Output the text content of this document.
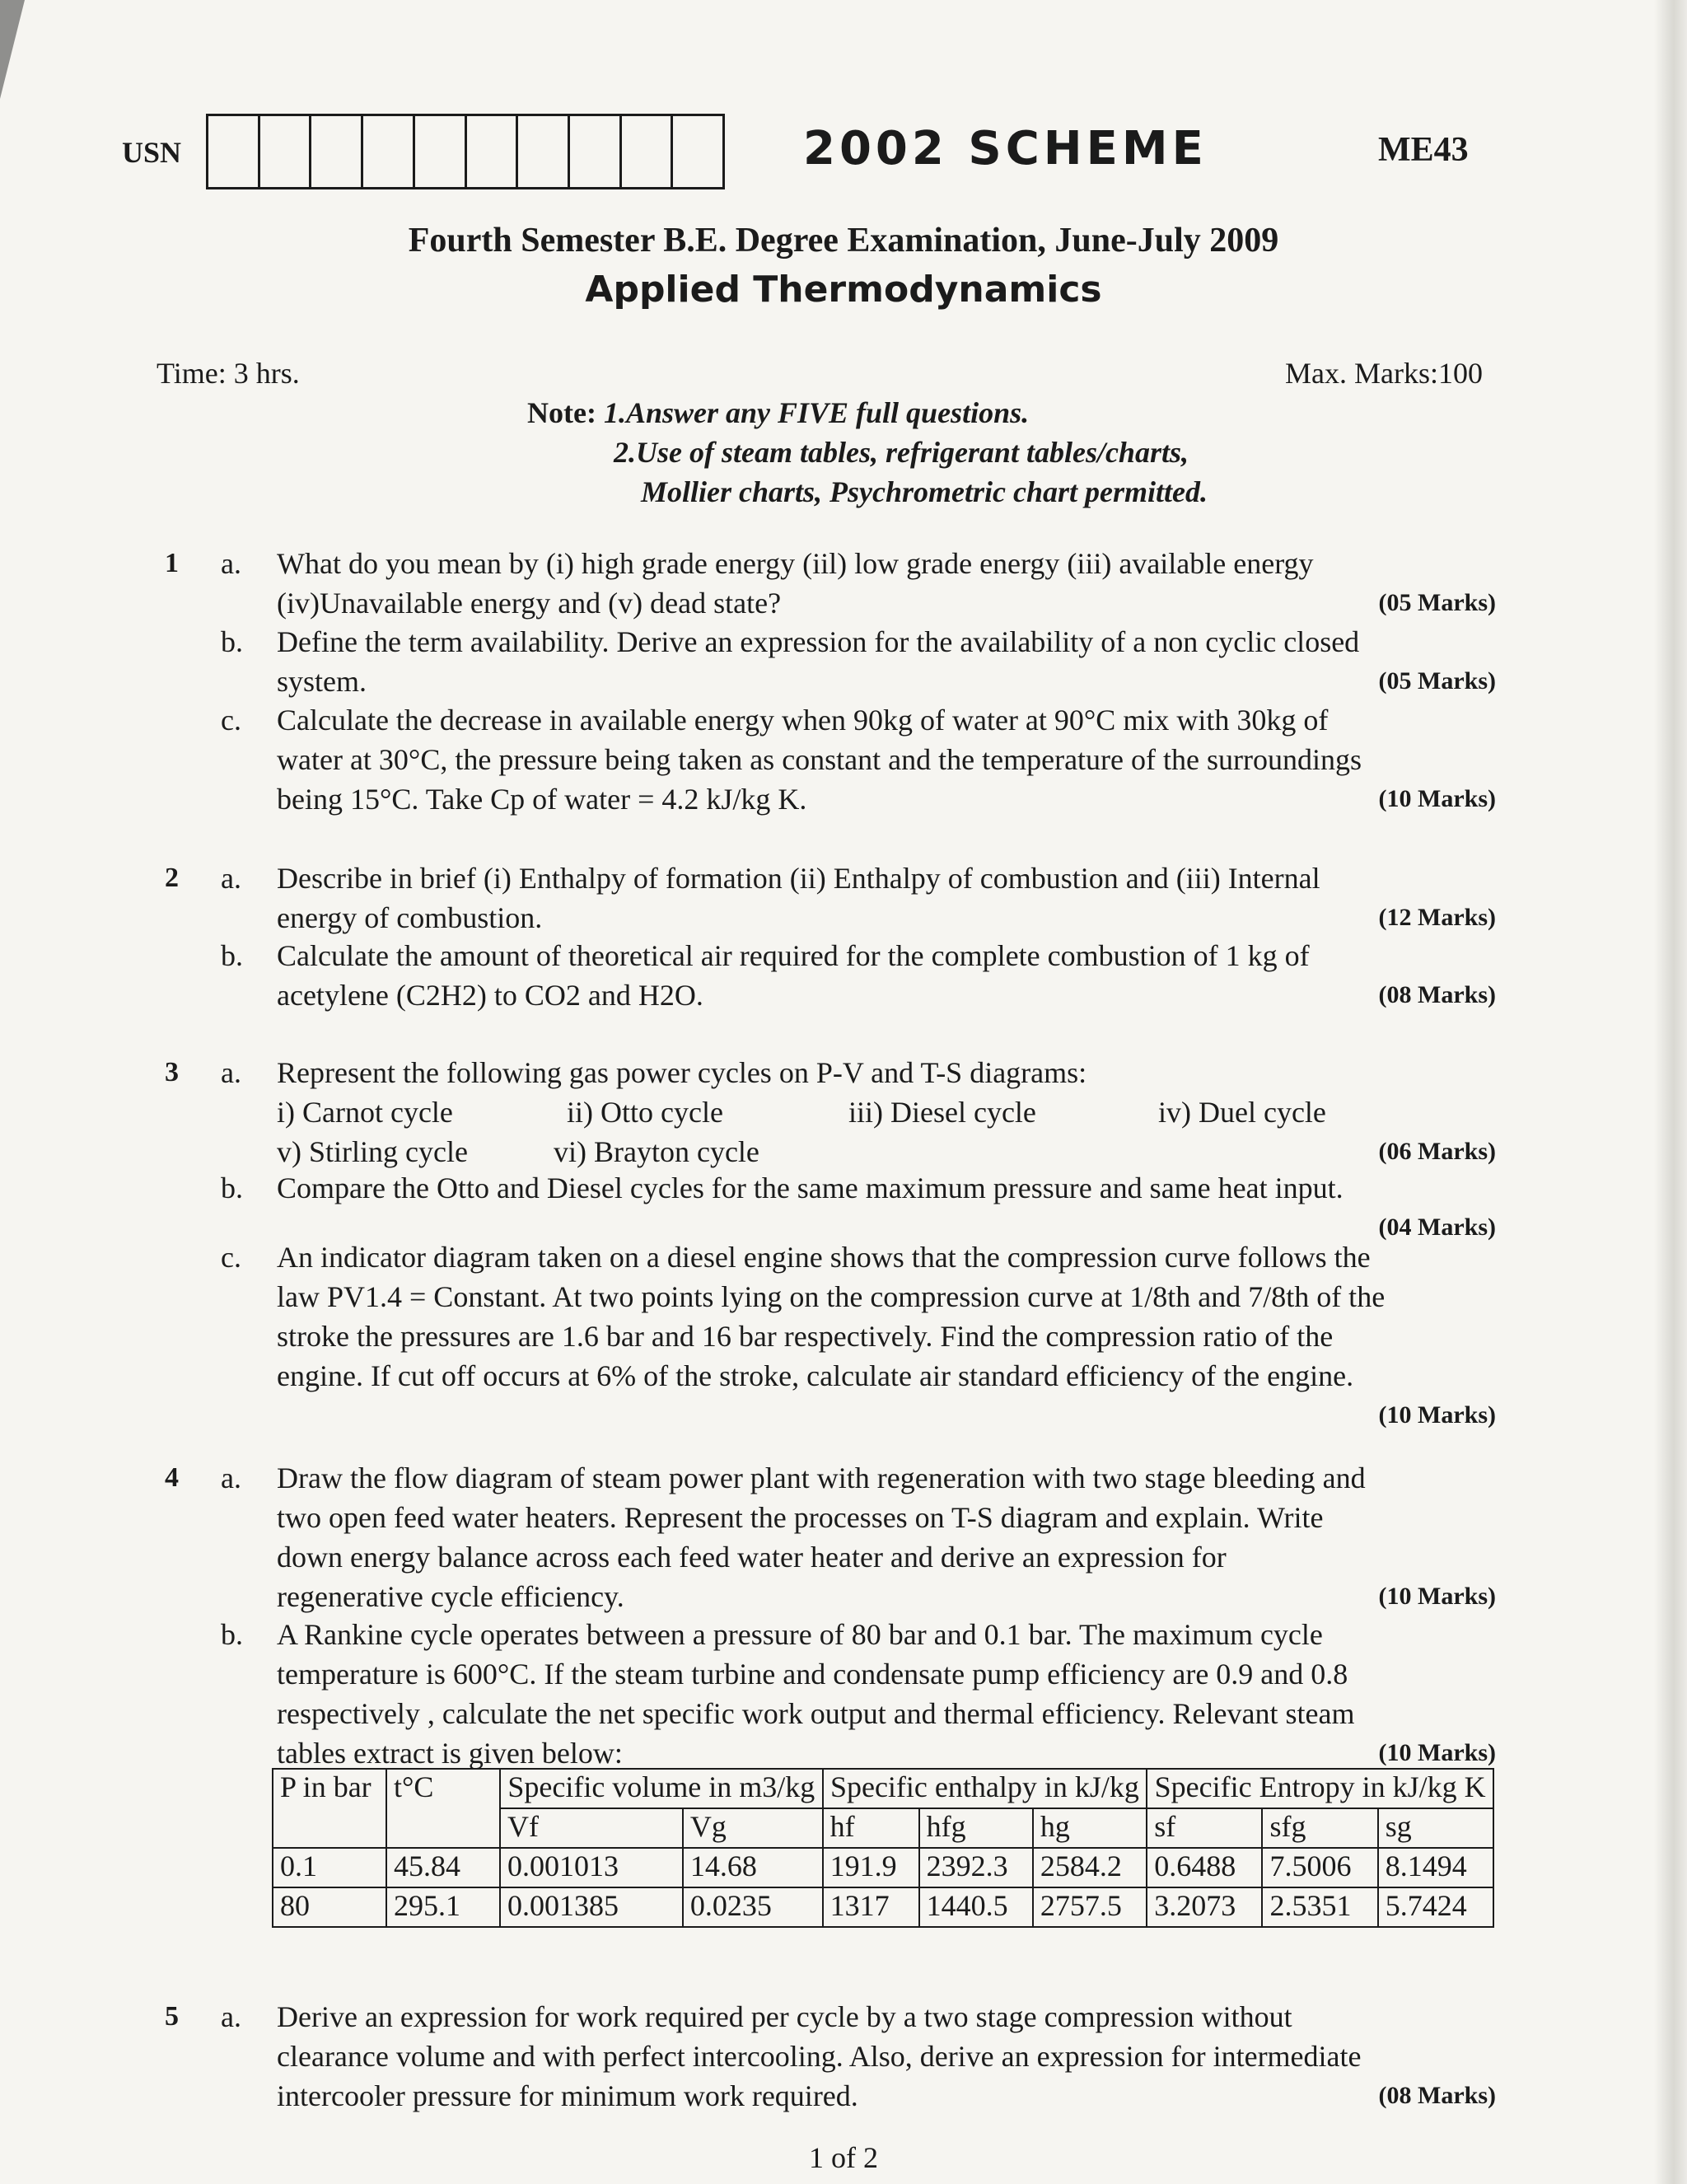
USN	2002 SCHEME	ME43
Fourth Semester B.E. Degree Examination, June-July 2009
Applied Thermodynamics
Time: 3 hrs.	Max. Marks:100
Note: 1.Answer any FIVE full questions.
2.Use of steam tables, refrigerant tables/charts,
Mollier charts, Psychrometric chart permitted.
1 a. What do you mean by (i) high grade energy (iil) low grade energy (iii) available energy
(iv)Unavailable energy and (v) dead state?	(05 Marks)
b. Define the term availability. Derive an expression for the availability of a non cyclic closed
system.	(05 Marks)
c. Calculate the decrease in available energy when 90kg of water at 90°C mix with 30kg of
water at 30°C, the pressure being taken as constant and the temperature of the surroundings
being 15°C. Take Cp of water = 4.2 kJ/kg K.	(10 Marks)
2 a. Describe in brief (i) Enthalpy of formation (ii) Enthalpy of combustion and (iii) Internal
energy of combustion.	(12 Marks)
b. Calculate the amount of theoretical air required for the complete combustion of 1 kg of
acetylene (C2H2) to CO2 and H2O.	(08 Marks)
3 a. Represent the following gas power cycles on P-V and T-S diagrams:
i) Carnot cycle	ii) Otto cycle	iii) Diesel cycle	iv) Duel cycle
v) Stirling cycle	vi) Brayton cycle	(06 Marks)
b. Compare the Otto and Diesel cycles for the same maximum pressure and same heat input.
(04 Marks)
c. An indicator diagram taken on a diesel engine shows that the compression curve follows the
law PV1.4 = Constant. At two points lying on the compression curve at 1/8th and 7/8th of the
stroke the pressures are 1.6 bar and 16 bar respectively. Find the compression ratio of the
engine. If cut off occurs at 6% of the stroke, calculate air standard efficiency of the engine.
(10 Marks)
4 a. Draw the flow diagram of steam power plant with regeneration with two stage bleeding and
two open feed water heaters. Represent the processes on T-S diagram and explain. Write
down energy balance across each feed water heater and derive an expression for
regenerative cycle efficiency.	(10 Marks)
b. A Rankine cycle operates between a pressure of 80 bar and 0.1 bar. The maximum cycle
temperature is 600°C. If the steam turbine and condensate pump efficiency are 0.9 and 0.8
respectively , calculate the net specific work output and thermal efficiency. Relevant steam
tables extract is given below:	(10 Marks)
P in bar	t°C	Specific volume in m3/kg		Specific enthalpy in kJ/kg			Specific Entropy in kJ/kg K		
		Vf	Vg	hf	hfg	hg	sf	sfg	sg
0.1	45.84	0.001013	14.68	191.9	2392.3	2584.2	0.6488	7.5006	8.1494
80	295.1	0.001385	0.0235	1317	1440.5	2757.5	3.2073	2.5351	5.7424
5 a. Derive an expression for work required per cycle by a two stage compression without
clearance volume and with perfect intercooling. Also, derive an expression for intermediate
intercooler pressure for minimum work required.	(08 Marks)
1 of 2
